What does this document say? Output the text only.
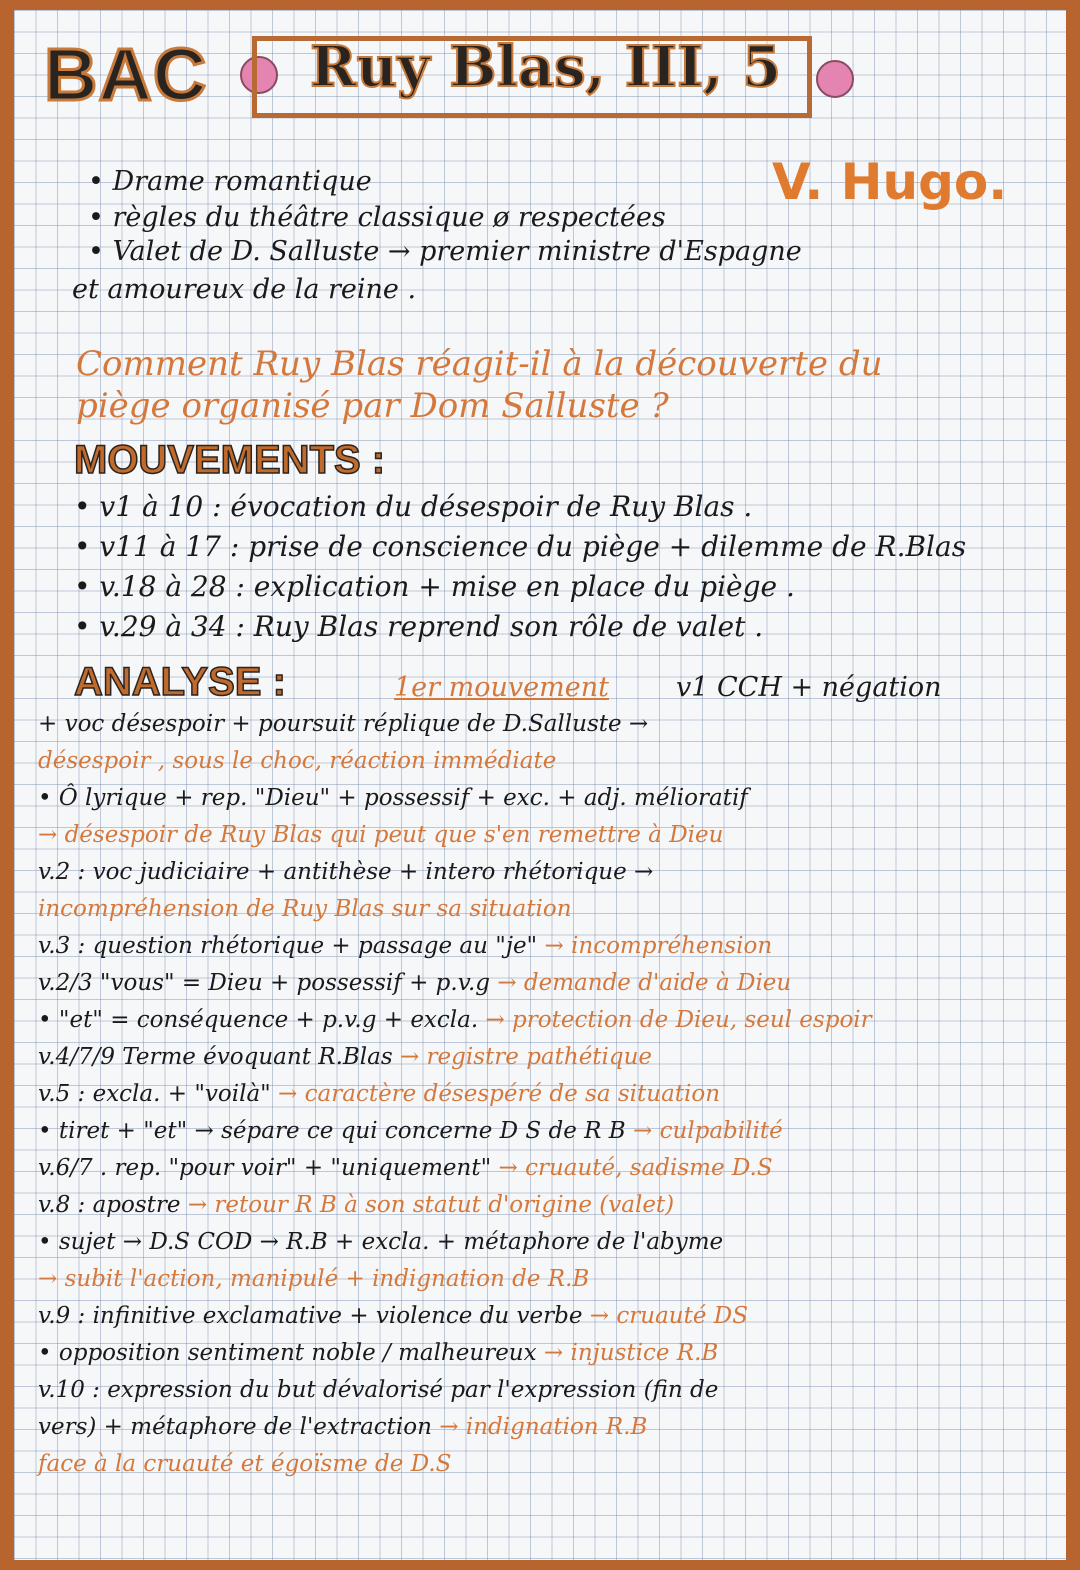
BAC Ruy Blas, III, 5
• Drame romantique	V. Hugo.
• règles du théâtre classique ø respectées
• Valet de D. Salluste → premier ministre d'Espagne
et amoureux de la reine .
Comment Ruy Blas réagit-il à la découverte du
piège organisé par Dom Salluste ?
MOUVEMENTS :
• v1 à 10 : évocation du désespoir de Ruy Blas .
• v11 à 17 : prise de conscience du piège + dilemme de R.Blas
• v.18 à 28 : explication + mise en place du piège .
• v.29 à 34 : Ruy Blas reprend son rôle de valet .
ANALYSE :	1er mouvement v1 CCH + négation
+ voc désespoir + poursuit réplique de D.Salluste →
désespoir , sous le choc, réaction immédiate
• Ô lyrique + rep. "Dieu" + possessif + exc. + adj. mélioratif
→ désespoir de Ruy Blas qui peut que s'en remettre à Dieu
v.2 : voc judiciaire + antithèse + intero rhétorique →
incompréhension de Ruy Blas sur sa situation
v.3 : question rhétorique + passage au "je" → incompréhension
v.2/3 "vous" = Dieu + possessif + p.v.g → demande d'aide à Dieu
• "et" = conséquence + p.v.g + excla. → protection de Dieu, seul espoir
v.4/7/9 Terme évoquant R.Blas → registre pathétique
v.5 : excla. + "voilà" → caractère désespéré de sa situation
• tiret + "et" → sépare ce qui concerne D S de R B → culpabilité
v.6/7 . rep. "pour voir" + "uniquement" → cruauté, sadisme D.S
v.8 : apostre → retour R B à son statut d'origine (valet)
• sujet → D.S COD → R.B + excla. + métaphore de l'abyme
→ subit l'action, manipulé + indignation de R.B
v.9 : infinitive exclamative + violence du verbe → cruauté DS
• opposition sentiment noble / malheureux → injustice R.B
v.10 : expression du but dévalorisé par l'expression (fin de
vers) + métaphore de l'extraction → indignation R.B
face à la cruauté et égoïsme de D.S
